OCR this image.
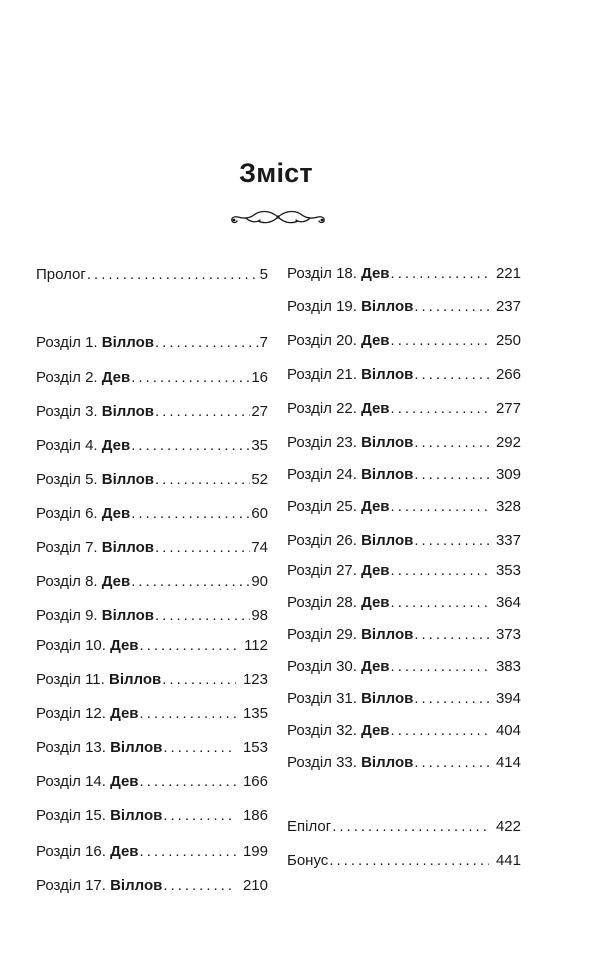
Зміст
Пролог .....	5
Розділ 1. Віллов .....	7
Розділ 2. Дев .....	16
Розділ 3. Віллов .....	27
Розділ 4. Дев .....	35
Розділ 5. Віллов .....	52
Розділ 6. Дев .....	60
Розділ 7. Віллов .....	74
Розділ 8. Дев .....	90
Розділ 9. Віллов .....	98
Розділ 10. Дев .....	112
Розділ 11. Віллов .....	123
Розділ 12. Дев .....	135
Розділ 13. Віллов .....	153
Розділ 14. Дев .....	166
Розділ 15. Віллов .....	186
Розділ 16. Дев .....	199
Розділ 17. Віллов .....	210
Розділ 18. Дев .....	221
Розділ 19. Віллов .....	237
Розділ 20. Дев .....	250
Розділ 21. Віллов .....	266
Розділ 22. Дев .....	277
Розділ 23. Віллов .....	292
Розділ 24. Віллов .....	309
Розділ 25. Дев .....	328
Розділ 26. Віллов .....	337
Розділ 27. Дев .....	353
Розділ 28. Дев .....	364
Розділ 29. Віллов .....	373
Розділ 30. Дев .....	383
Розділ 31. Віллов .....	394
Розділ 32. Дев .....	404
Розділ 33. Віллов .....	414
Епілог .....	422
Бонус .....	441
